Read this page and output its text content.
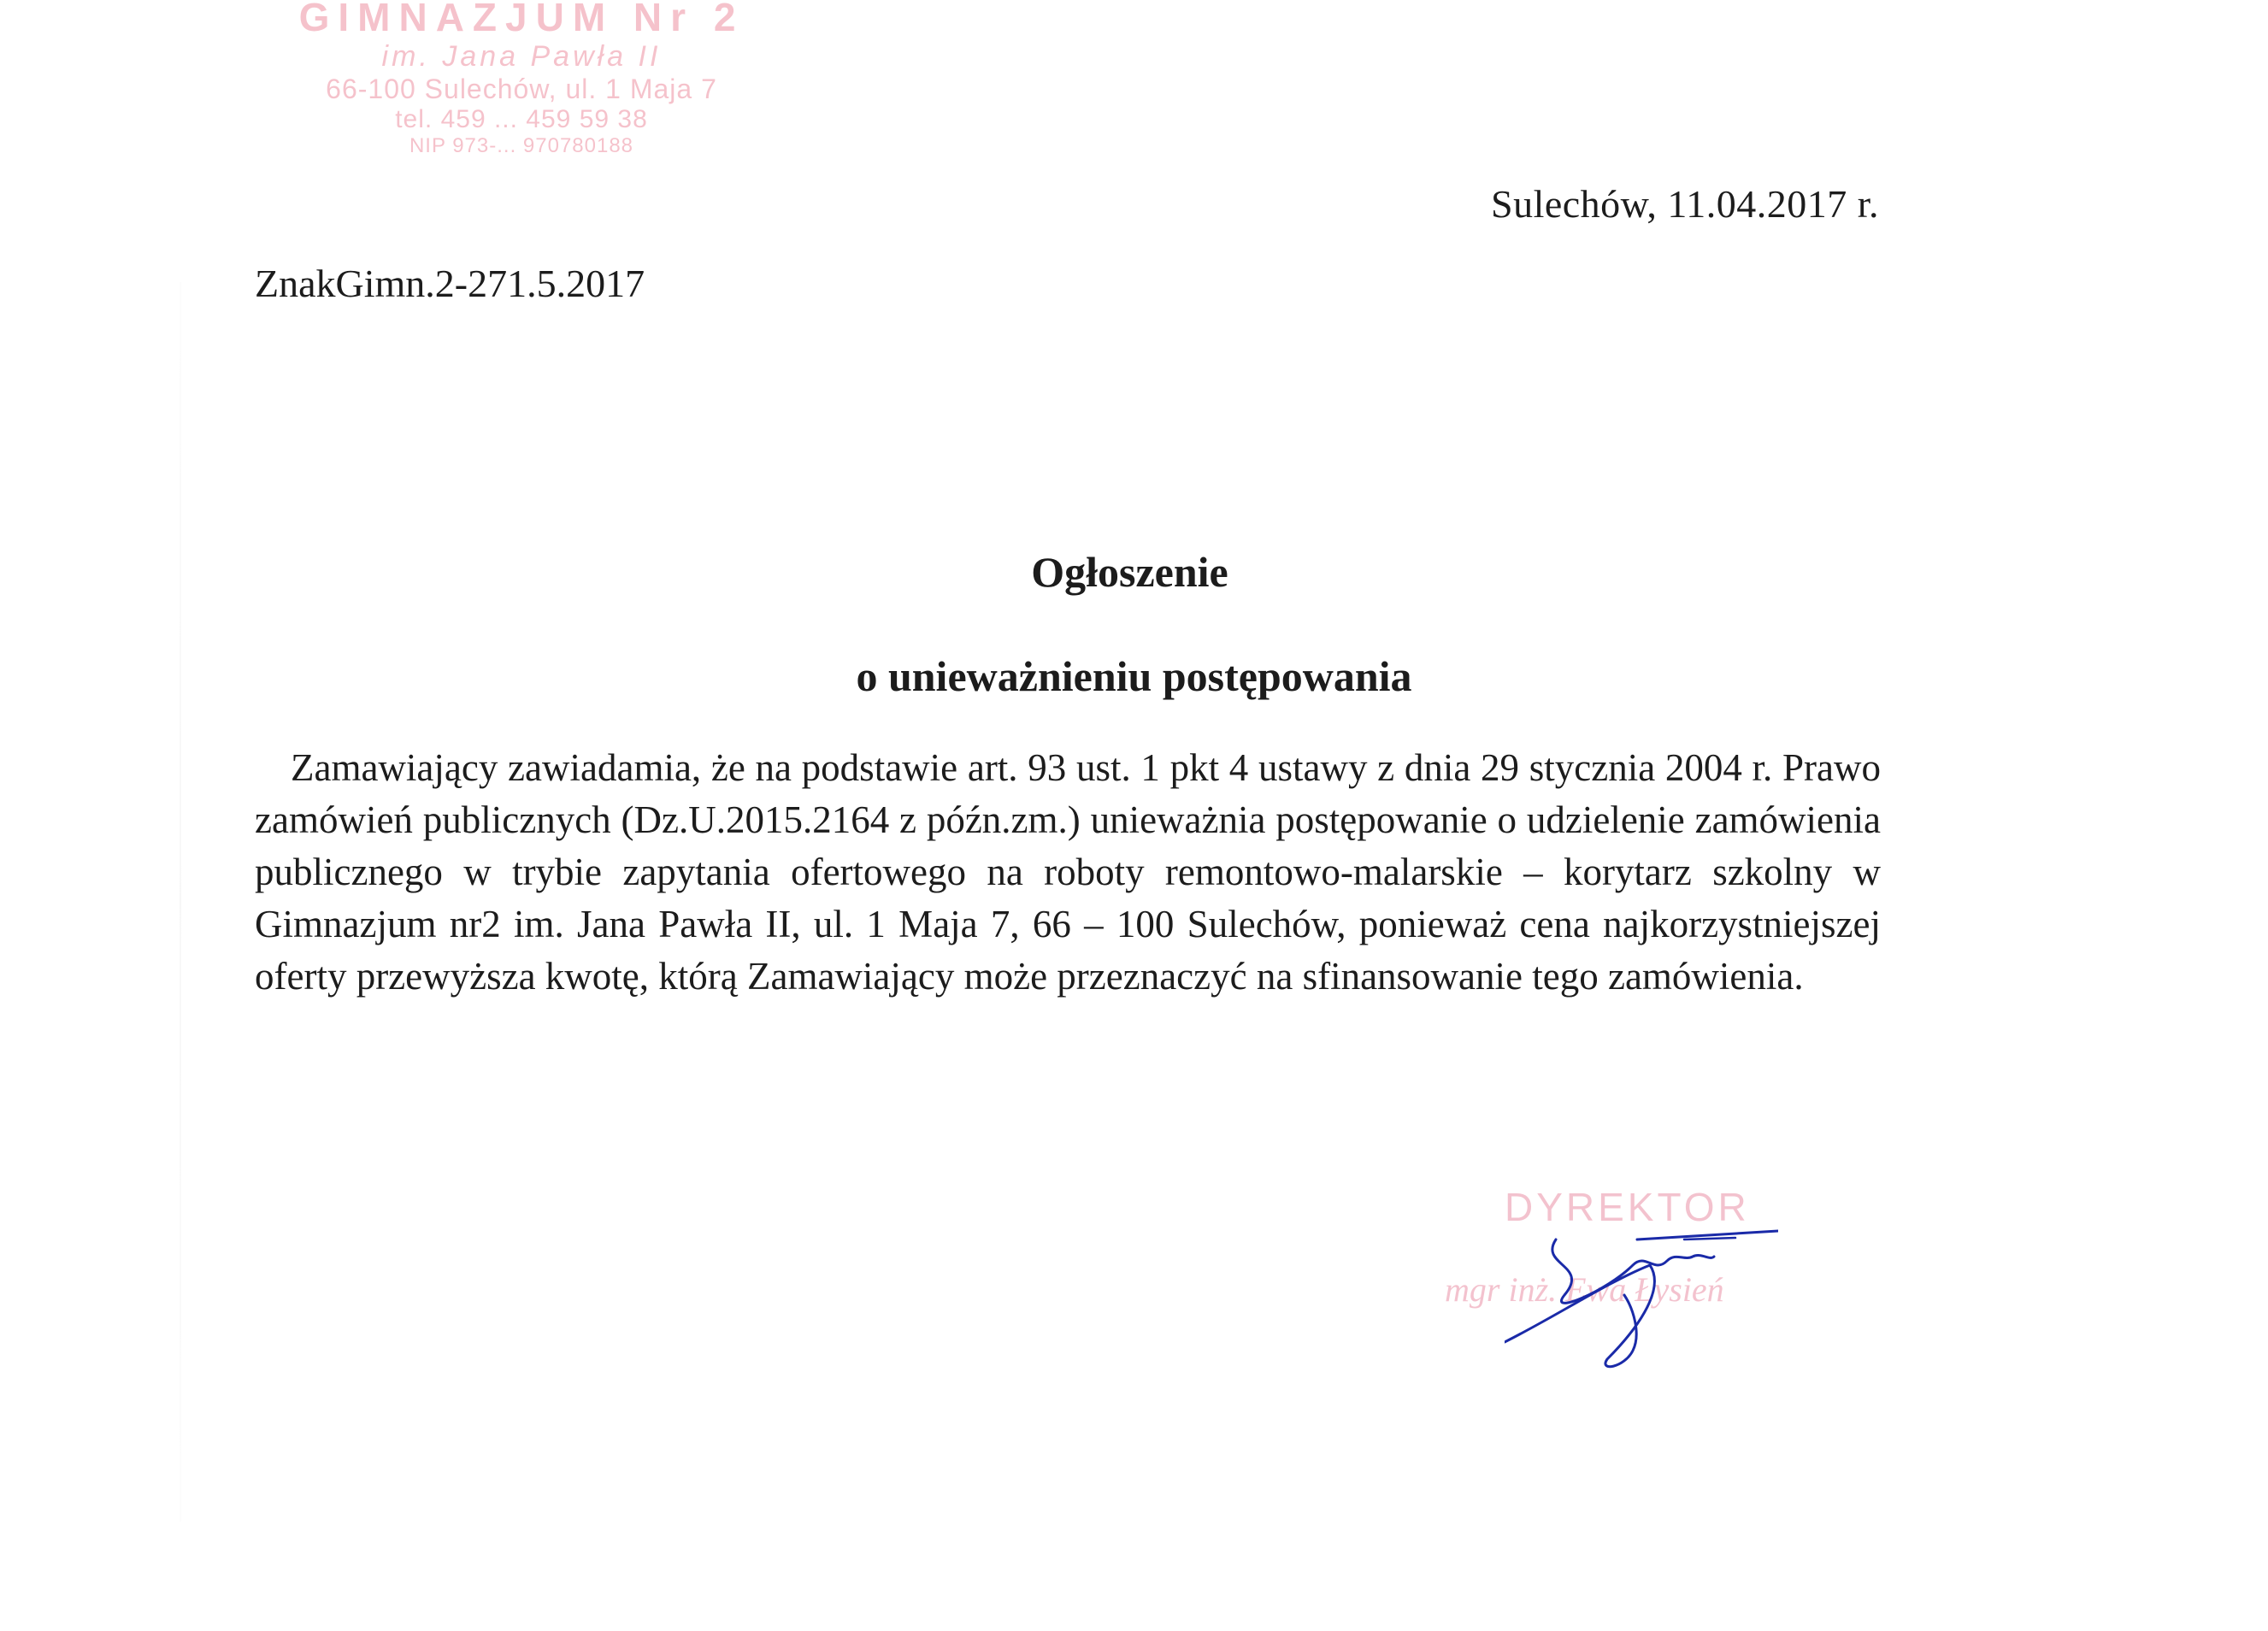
GIMNAZJUM Nr 2
im. Jana Pawła II
66-100 Sulechów, ul. 1 Maja 7
tel. 459 ... 459 59 38
NIP 973-... 970780188
Sulechów, 11.04.2017 r.
ZnakGimn.2-271.5.2017
Ogłoszenie
o unieważnieniu postępowania
Zamawiający zawiadamia, że na podstawie art. 93 ust. 1 pkt 4 ustawy z dnia 29 stycznia 2004 r. Prawo zamówień publicznych (Dz.U.2015.2164 z późn.zm.) unieważnia postępowanie o udzielenie zamówienia publicznego w trybie zapytania ofertowego na roboty remontowo-malarskie – korytarz szkolny w Gimnazjum nr2 im. Jana Pawła II, ul. 1 Maja 7, 66 – 100 Sulechów, ponieważ cena najkorzystniejszej oferty przewyższa kwotę, którą Zamawiający może przeznaczyć na sfinansowanie tego zamówienia.
DYREKTOR
mgr inż. Ewa Łysień
